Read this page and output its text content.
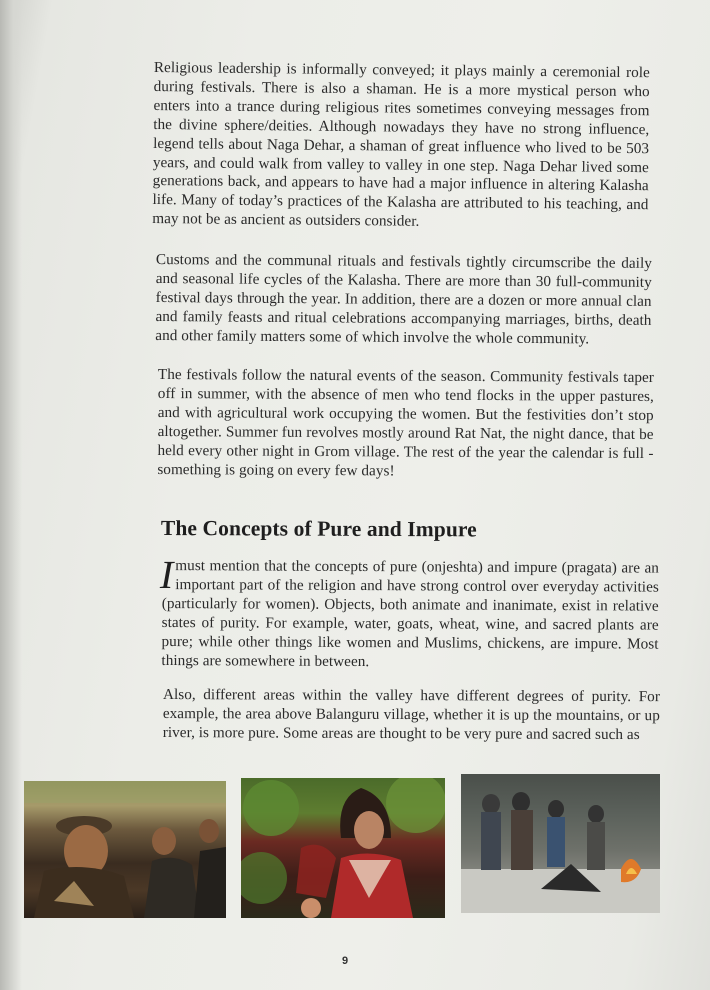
Religious leadership is informally conveyed; it plays mainly a ceremonial role during festivals. There is also a shaman. He is a more mystical person who enters into a trance during religious rites sometimes conveying messages from the divine sphere/deities. Although nowadays they have no strong influence, legend tells about Naga Dehar, a shaman of great influence who lived to be 503 years, and could walk from valley to valley in one step. Naga Dehar lived some generations back, and appears to have had a major influence in altering Kalasha life. Many of today’s practices of the Kalasha are attributed to his teaching, and may not be as ancient as outsiders consider.

Customs and the communal rituals and festivals tightly circumscribe the daily and seasonal life cycles of the Kalasha. There are more than 30 full-community festival days through the year. In addition, there are a dozen or more annual clan and family feasts and ritual celebrations accompanying marriages, births, death and other family matters some of which involve the whole community.

The festivals follow the natural events of the season. Community festivals taper off in summer, with the absence of men who tend flocks in the upper pastures, and with agricultural work occupying the women. But the festivities don’t stop altogether. Summer fun revolves mostly around Rat Nat, the night dance, that be held every other night in Grom village. The rest of the year the calendar is full - something is going on every few days!

The Concepts of Pure and Impure

Imust mention that the concepts of pure (onjeshta) and impure (pragata) are an important part of the religion and have strong control over everyday activities (particularly for women). Objects, both animate and inanimate, exist in relative states of purity. For example, water, goats, wheat, wine, and sacred plants are pure; while other things like women and Muslims, chickens, are impure. Most things are somewhere in between.

Also, different areas within the valley have different degrees of purity. For example, the area above Balanguru village, whether it is up the mountains, or up river, is more pure. Some areas are thought to be very pure and sacred such as

9
